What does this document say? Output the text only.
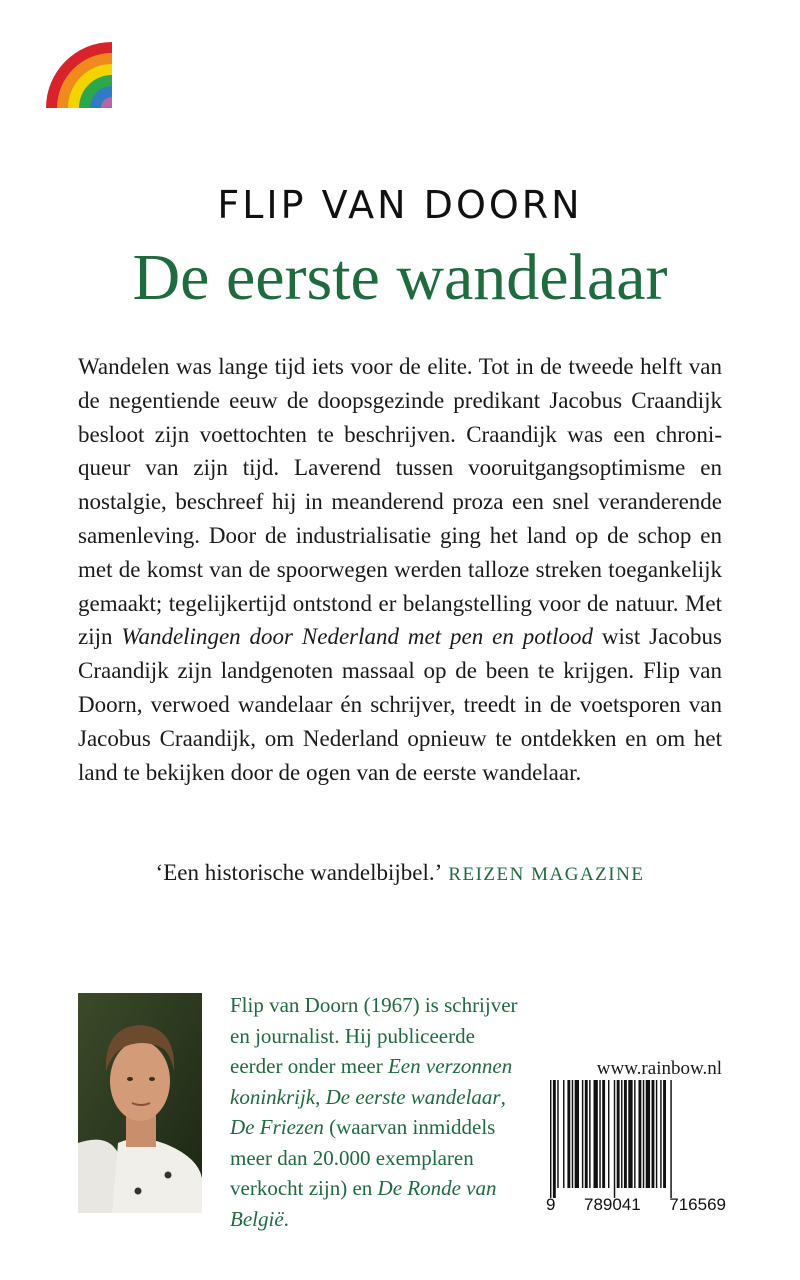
FLIP VAN DOORN
De eerste wandelaar

Wandelen was lange tijd iets voor de elite. Tot in de tweede helft van de negentiende eeuw de doopsgezinde predikant Jacobus Craandijk besloot zijn voettochten te beschrijven. Craandijk was een chroniqueur van zijn tijd. Laverend tussen vooruitgangsoptimisme en nostalgie, beschreef hij in meanderend proza een snel veranderende samenleving. Door de industrialisatie ging het land op de schop en met de komst van de spoorwegen werden talloze streken toegankelijk gemaakt; tegelijkertijd ontstond er belangstelling voor de natuur. Met zijn Wandelingen door Nederland met pen en potlood wist Jacobus Craandijk zijn landgenoten massaal op de been te krijgen. Flip van Doorn, verwoed wandelaar én schrijver, treedt in de voetsporen van Jacobus Craandijk, om Nederland opnieuw te ontdekken en om het land te bekijken door de ogen van de eerste wandelaar.

‘Een historische wandelbijbel.’ REIZEN MAGAZINE
Flip van Doorn (1967) is schrijver en journalist. Hij publiceerde eerder onder meer Een verzonnen koninkrijk, De eerste wandelaar, De Friezen (waarvan inmiddels meer dan 20.000 exemplaren verkocht zijn) en De Ronde van België.
www.rainbow.nl
9 789041 716569
